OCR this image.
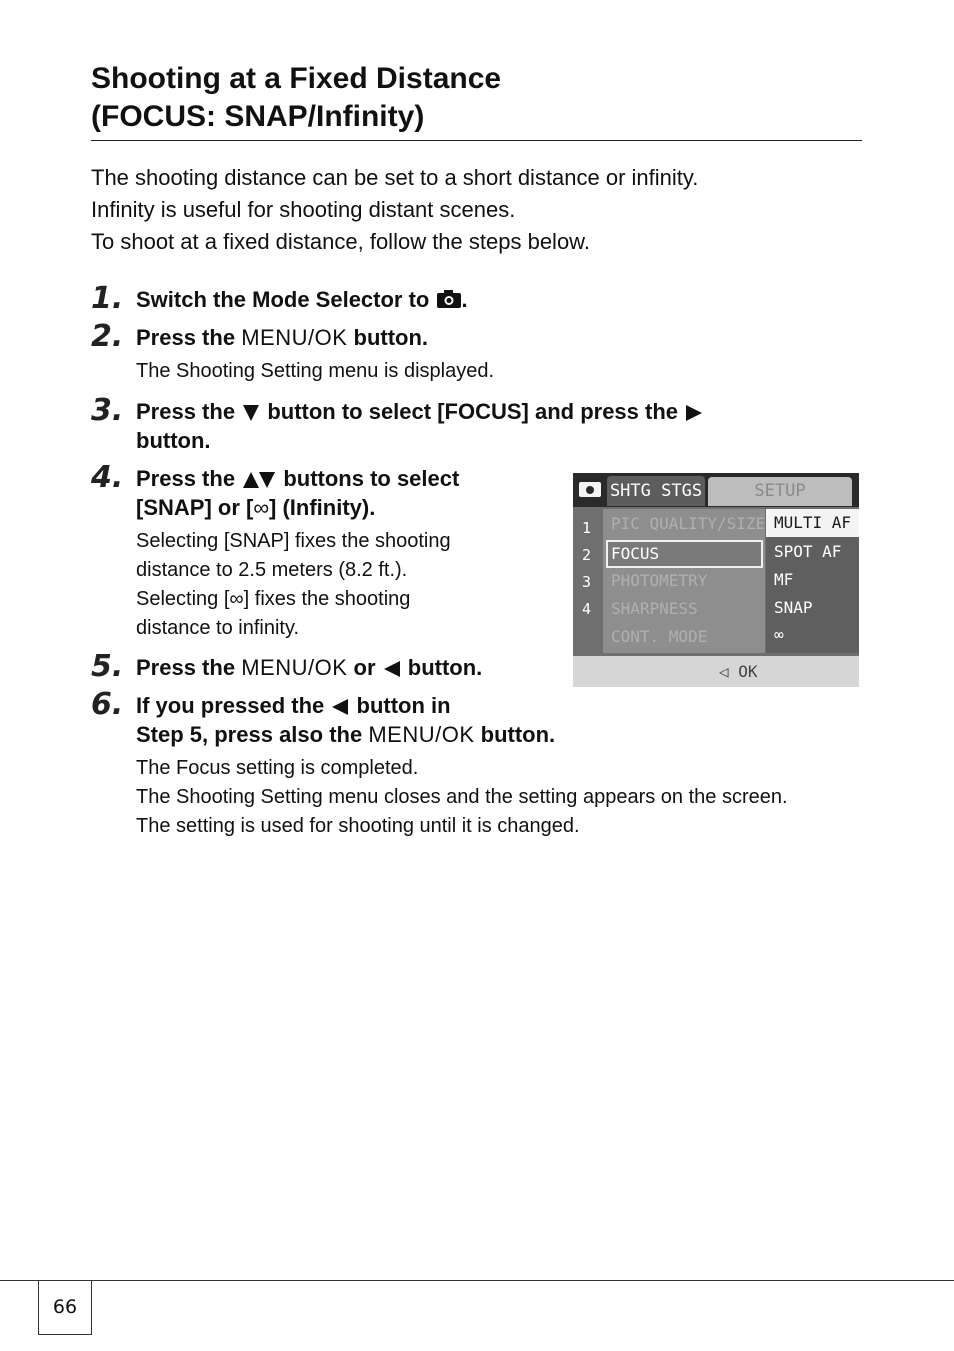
Shooting at a Fixed Distance
(FOCUS: SNAP/Infinity)
The shooting distance can be set to a short distance or infinity.
Infinity is useful for shooting distant scenes.
To shoot at a fixed distance, follow the steps below.
1. Switch the Mode Selector to .
2. Press the MENU/OK button.
The Shooting Setting menu is displayed.
3. Press the button to select [FOCUS] and press the
button.
4. Press the buttons to select
[SNAP] or [∞] (Infinity).
Selecting [SNAP] fixes the shooting
distance to 2.5 meters (8.2 ft.).
Selecting [∞] fixes the shooting
distance to infinity.
SHTG STGS	SETUP
1
2
3
4
PIC QUALITY/SIZE
FOCUS
PHOTOMETRY
SHARPNESS
CONT. MODE
MULTI AF
SPOT AF
MF
SNAP
∞
◁ OK
5. Press the MENU/OK or button.
6. If you pressed the button in
Step 5, press also the MENU/OK button.
The Focus setting is completed.
The Shooting Setting menu closes and the setting appears on the screen.
The setting is used for shooting until it is changed.
66
